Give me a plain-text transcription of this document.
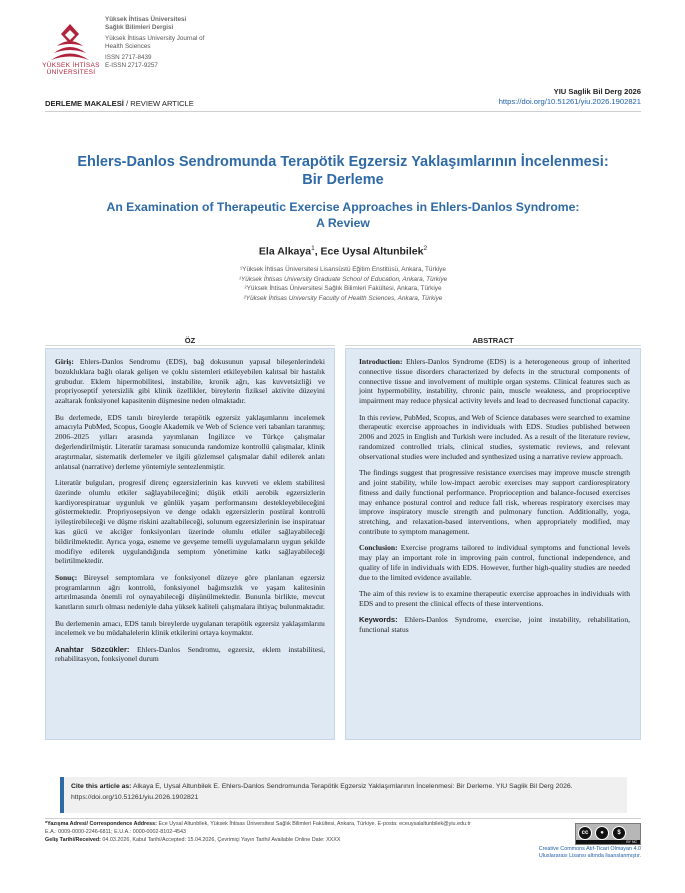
YÜKSEK İHTİSAS
ÜNİVERSİTESİ
Yüksek İhtisas Üniversitesi
Sağlık Bilimleri Dergisi
Yüksek İhtisas University Journal of
Health Sciences
ISSN 2717-8439
E-ISSN 2717-9257
YIU Saglik Bil Derg 2026
https://doi.org/10.51261/yiu.2026.1902821
DERLEME MAKALESİ / REVIEW ARTICLE
Ehlers-Danlos Sendromunda Terapötik Egzersiz Yaklaşımlarının İncelenmesi:
Bir Derleme
An Examination of Therapeutic Exercise Approaches in Ehlers-Danlos Syndrome:
A Review
Ela Alkaya$^1$, Ece Uysal Altunbilek$^2$
¹Yüksek İhtisas Üniversitesi Lisansüstü Eğitim Enstitüsü, Ankara, Türkiye
¹Yüksek İhtisas University Graduate School of Education, Ankara, Türkiye
²Yüksek İhtisas Üniversitesi Sağlık Bilimleri Fakültesi, Ankara, Türkiye
²Yüksek İhtisas University Faculty of Health Sciences, Ankara, Türkiye
ÖZ	ABSTRACT

Giriş: Ehlers-Danlos Sendromu (EDS), bağ dokusunun yapısal bileşenlerindeki bozukluklara bağlı olarak gelişen ve çoklu sistemleri etkileyebilen kalıtsal bir hastalık grubudur. Eklem hipermobilitesi, instabilite, kronik ağrı, kas kuvvetsizliği ve propriyoseptif yetersizlik gibi klinik özellikler, bireylerin fiziksel aktivite düzeyini azaltarak fonksiyonel kapasitenin düşmesine neden olmaktadır.

Bu derlemede, EDS tanılı bireylerde terapötik egzersiz yaklaşımlarını incelemek amacıyla PubMed, Scopus, Google Akademik ve Web of Science veri tabanları taranmış; 2006–2025 yılları arasında yayımlanan İngilizce ve Türkçe çalışmalar değerlendirilmiştir. Literatür taraması sonucunda randomize kontrollü çalışmalar, klinik araştırmalar, sistematik derlemeler ve ilgili gözlemsel çalışmalar dahil edilerek anlatı anlatısal (narrative) derleme yöntemiyle sentezlenmiştir.

Literatür bulguları, progresif direnç egzersizlerinin kas kuvveti ve eklem stabilitesi üzerinde olumlu etkiler sağlayabileceğini; düşük etkili aerobik egzersizlerin kardiyorespiratuar uygunluk ve günlük yaşam performansını destekleyebileceğini göstermektedir. Propriyosepsiyon ve denge odaklı egzersizlerin postüral kontrolü iyileştirebileceği ve düşme riskini azaltabileceği, solunum egzersizlerinin ise inspiratuar kas gücü ve akciğer fonksiyonları üzerinde olumlu etkiler sağlayabileceği bildirilmektedir. Ayrıca yoga, esneme ve gevşeme temelli uygulamaların uygun şekilde modifiye edilerek uygulandığında semptom yönetimine katkı sağlayabileceği belirtilmektedir.

Sonuç: Bireysel semptomlara ve fonksiyonel düzeye göre planlanan egzersiz programlarının ağrı kontrolü, fonksiyonel bağımsızlık ve yaşam kalitesinin artırılmasında önemli rol oynayabileceği düşünülmektedir. Bununla birlikte, mevcut kanıtların sınırlı olması nedeniyle daha yüksek kaliteli çalışmalara ihtiyaç bulunmaktadır.

Bu derlemenin amacı, EDS tanılı bireylerde uygulanan terapötik egzersiz yaklaşımlarını incelemek ve bu müdahalelerin klinik etkilerini ortaya koymaktır.

Anahtar Sözcükler: Ehlers-Danlos Sendromu, egzersiz, eklem instabilitesi, rehabilitasyon, fonksiyonel durum

Introduction: Ehlers-Danlos Syndrome (EDS) is a heterogeneous group of inherited connective tissue disorders characterized by defects in the structural components of connective tissue and involvement of multiple organ systems. Clinical features such as joint hypermobility, instability, chronic pain, muscle weakness, and proprioceptive impairment may reduce physical activity levels and lead to decreased functional capacity.

In this review, PubMed, Scopus, and Web of Science databases were searched to examine therapeutic exercise approaches in individuals with EDS. Studies published between 2006 and 2025 in English and Turkish were included. As a result of the literature review, randomized controlled trials, clinical studies, systematic reviews, and relevant observational studies were included and synthesized using a narrative review approach.

The findings suggest that progressive resistance exercises may improve muscle strength and joint stability, while low-impact aerobic exercises may support cardiorespiratory fitness and daily functional performance. Proprioception and balance-focused exercises may enhance postural control and reduce fall risk, whereas respiratory exercises may improve inspiratory muscle strength and pulmonary function. Additionally, yoga, stretching, and relaxation-based interventions, when appropriately modified, may contribute to symptom management.

Conclusion: Exercise programs tailored to individual symptoms and functional levels may play an important role in improving pain control, functional independence, and quality of life in individuals with EDS. However, further high-quality studies are needed due to the limited evidence available.

The aim of this review is to examine therapeutic exercise approaches in individuals with EDS and to present the clinical effects of these interventions.

Keywords: Ehlers-Danlos Syndrome, exercise, joint instability, rehabilitation, functional status

Cite this article as: Alkaya E, Uysal Altunbilek E. Ehlers-Danlos Sendromunda Terapötik Egzersiz Yaklaşımlarının İncelenmesi: Bir Derleme. YIU Saglik Bil Derg 2026.
https://doi.org/10.51261/yiu.2026.1902821
*Yazışma Adresi/ Correspondence Address: Ece Uysal Altunbilek, Yüksek İhtisas Üniversitesi Sağlık Bilimleri Fakültesi, Ankara, Türkiye. E-posta: eceuysalaltunbilek@yiu.edu.tr
E.A.: 0009-0000-2246-6811; E.U.A.: 0000-0002-8102-4543
Geliş Tarihi/Received: 04.03.2026, Kabul Tarihi/Accepted: 15.04.2026, Çevrimiçi Yayın Tarihi/ Available Online Date: XXXX
cc	●	$
BY NC
Creative Commons Atıf-Ticari Olmayan 4.0
Uluslararası Lisansı altında lisanslanmıştır.
